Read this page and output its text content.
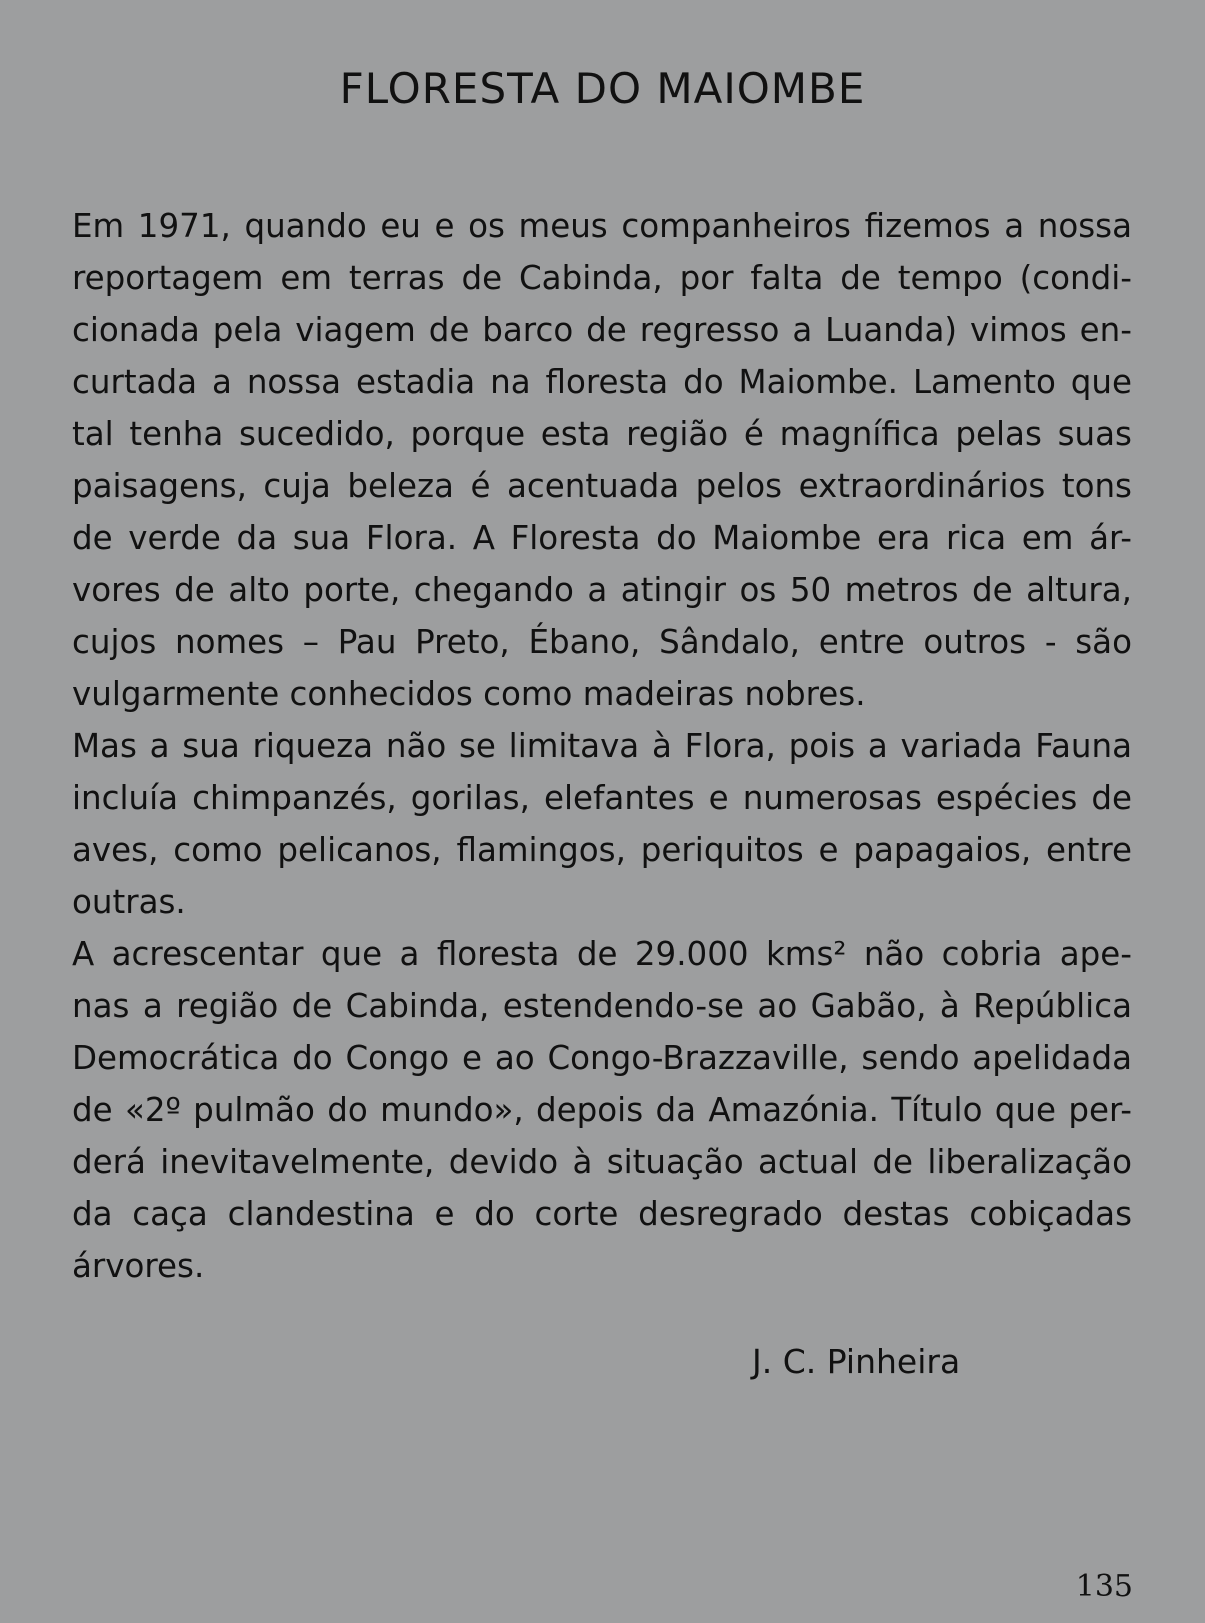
FLORESTA DO MAIOMBE
Em 1971, quando eu e os meus companheiros fizemos a nossa
reportagem em terras de Cabinda, por falta de tempo (condi-
cionada pela viagem de barco de regresso a Luanda) vimos en-
curtada a nossa estadia na floresta do Maiombe. Lamento que
tal tenha sucedido, porque esta região é magnífica pelas suas
paisagens, cuja beleza é acentuada pelos extraordinários tons
de verde da sua Flora. A Floresta do Maiombe era rica em ár-
vores de alto porte, chegando a atingir os 50 metros de altura,
cujos nomes – Pau Preto, Ébano, Sândalo, entre outros - são
vulgarmente conhecidos como madeiras nobres.
Mas a sua riqueza não se limitava à Flora, pois a variada Fauna
incluía chimpanzés, gorilas, elefantes e numerosas espécies de
aves, como pelicanos, flamingos, periquitos e papagaios, entre
outras.
A acrescentar que a floresta de 29.000 kms² não cobria ape-
nas a região de Cabinda, estendendo-se ao Gabão, à República
Democrática do Congo e ao Congo-Brazzaville, sendo apelidada
de «2º pulmão do mundo», depois da Amazónia. Título que per-
derá inevitavelmente, devido à situação actual de liberalização
da caça clandestina e do corte desregrado destas cobiçadas
árvores.
J. C. Pinheira
135
